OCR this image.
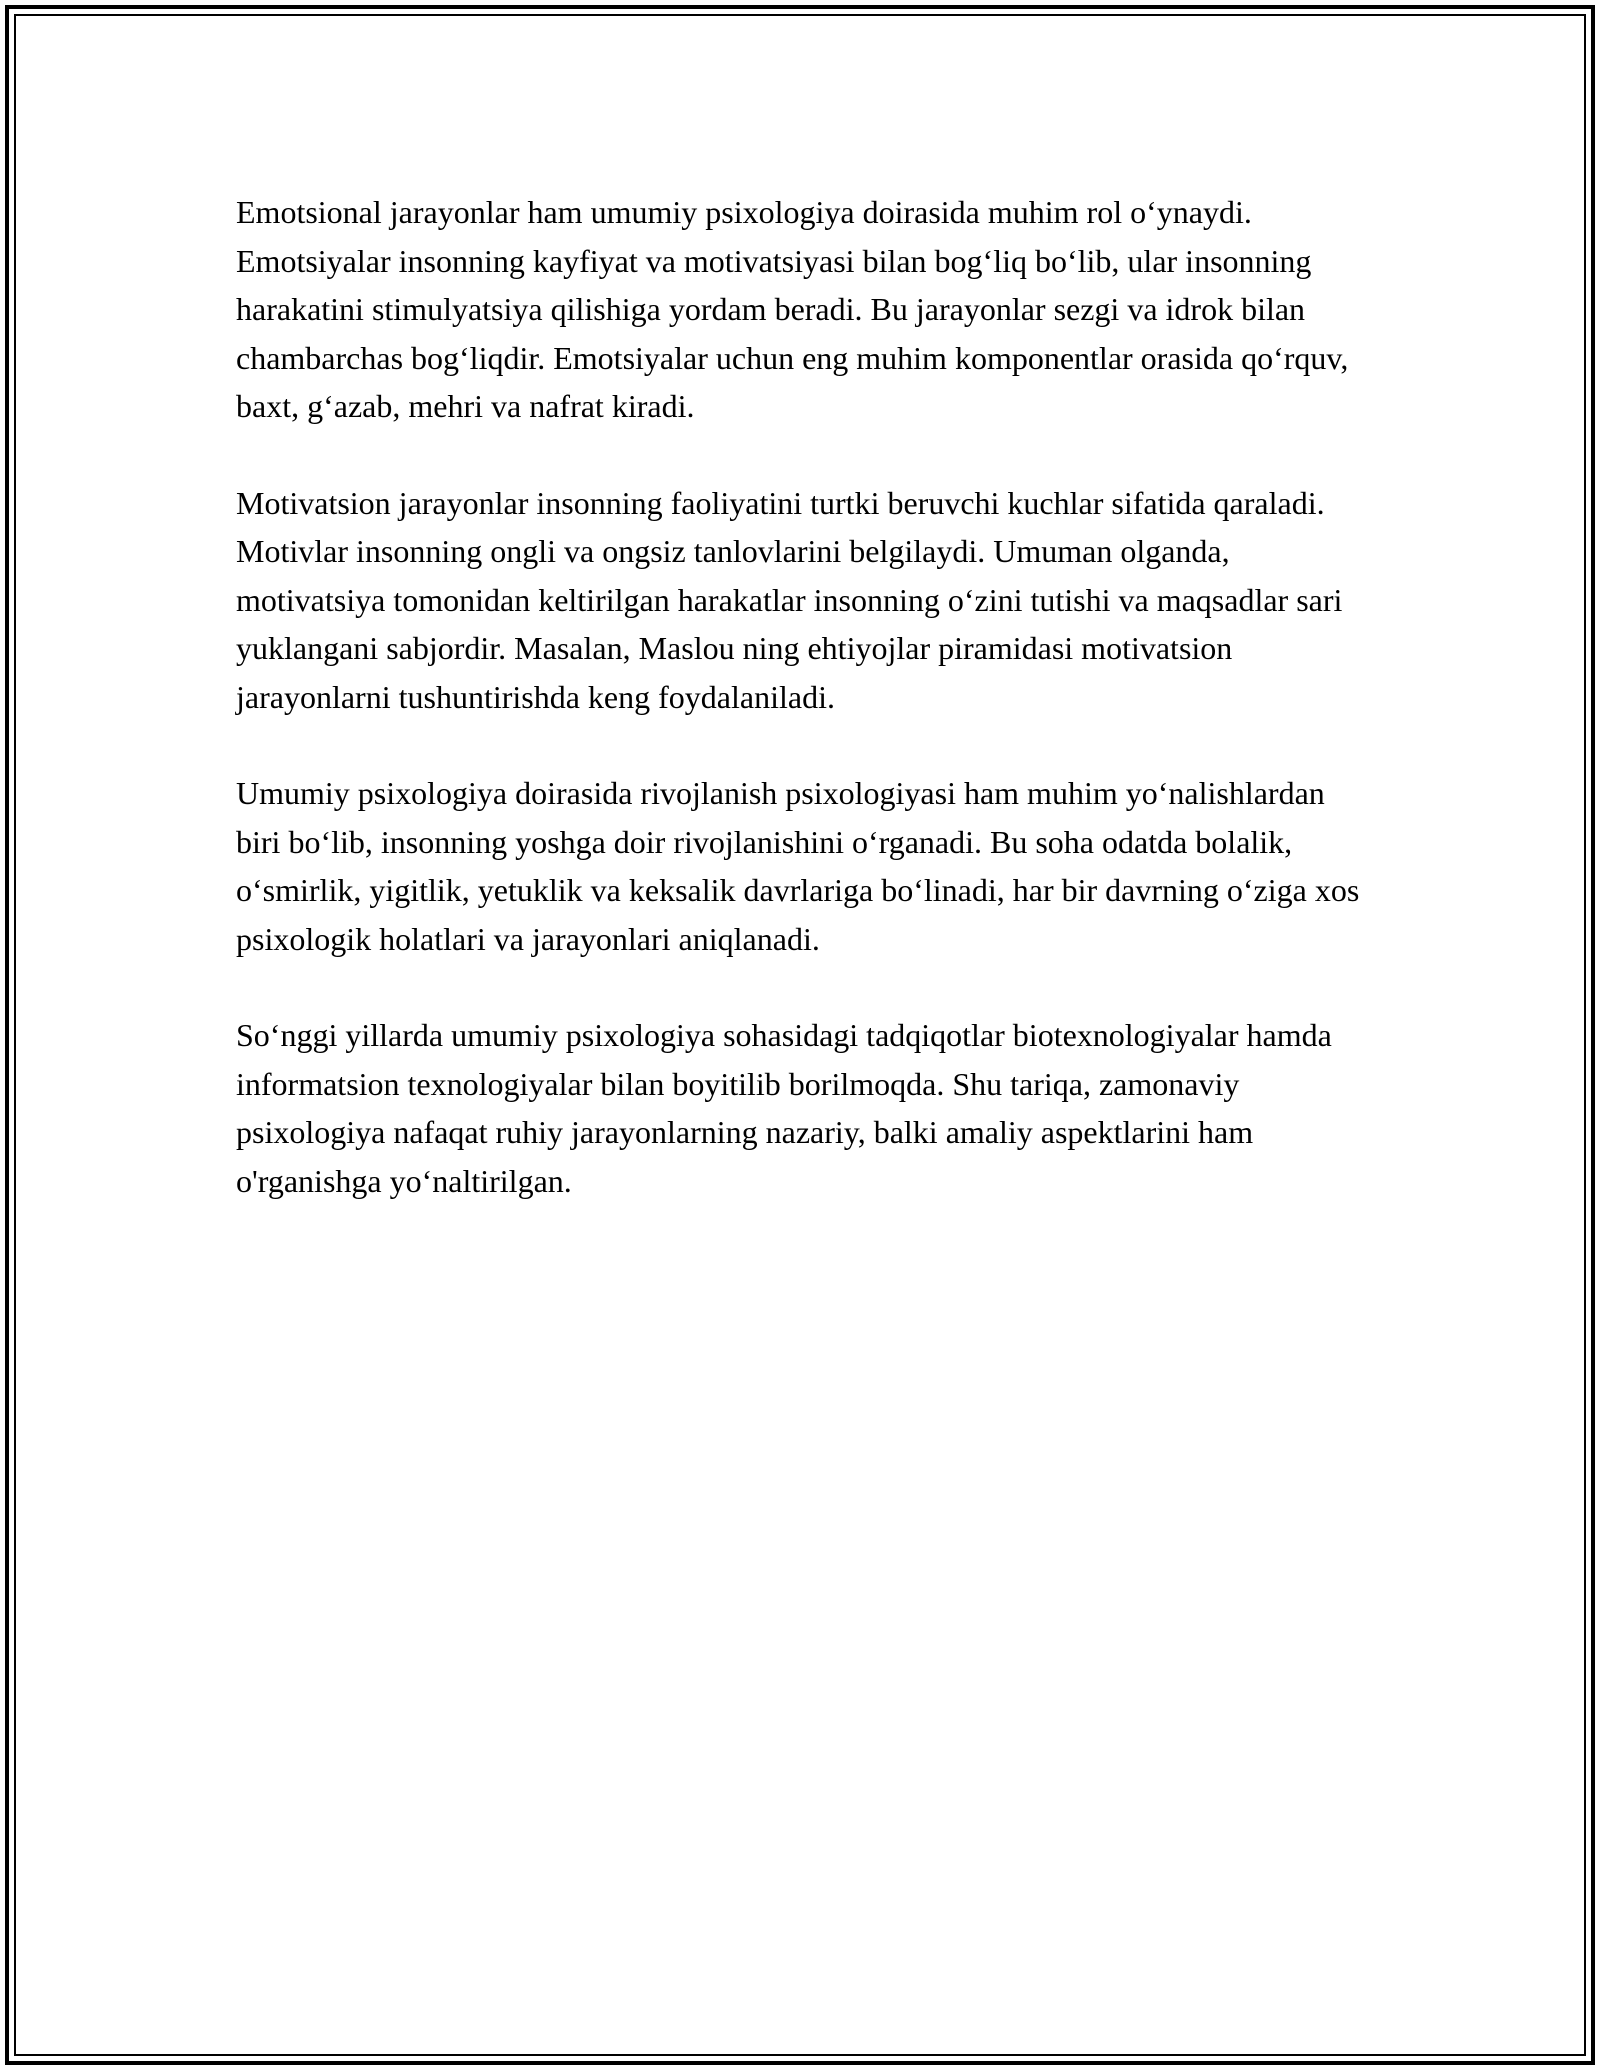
Emotsional jarayonlar ham umumiy psixologiya doirasida muhim rol o‘ynaydi. Emotsiyalar insonning kayfiyat va motivatsiyasi bilan bog‘liq bo‘lib, ular insonning harakatini stimulyatsiya qilishiga yordam beradi. Bu jarayonlar sezgi va idrok bilan chambarchas bog‘liqdir. Emotsiyalar uchun eng muhim komponentlar orasida qo‘rquv, baxt, g‘azab, mehri va nafrat kiradi.

Motivatsion jarayonlar insonning faoliyatini turtki beruvchi kuchlar sifatida qaraladi. Motivlar insonning ongli va ongsiz tanlovlarini belgilaydi. Umuman olganda, motivatsiya tomonidan keltirilgan harakatlar insonning o‘zini tutishi va maqsadlar sari yuklangani sabjordir. Masalan, Maslou ning ehtiyojlar piramidasi motivatsion jarayonlarni tushuntirishda keng foydalaniladi.

Umumiy psixologiya doirasida rivojlanish psixologiyasi ham muhim yo‘nalishlardan biri bo‘lib, insonning yoshga doir rivojlanishini o‘rganadi. Bu soha odatda bolalik, o‘smirlik, yigitlik, yetuklik va keksalik davrlariga bo‘linadi, har bir davrning o‘ziga xos psixologik holatlari va jarayonlari aniqlanadi.

So‘nggi yillarda umumiy psixologiya sohasidagi tadqiqotlar biotexnologiyalar hamda informatsion texnologiyalar bilan boyitilib borilmoqda. Shu tariqa, zamonaviy psixologiya nafaqat ruhiy jarayonlarning nazariy, balki amaliy aspektlarini ham o'rganishgа yo‘naltirilgan.
